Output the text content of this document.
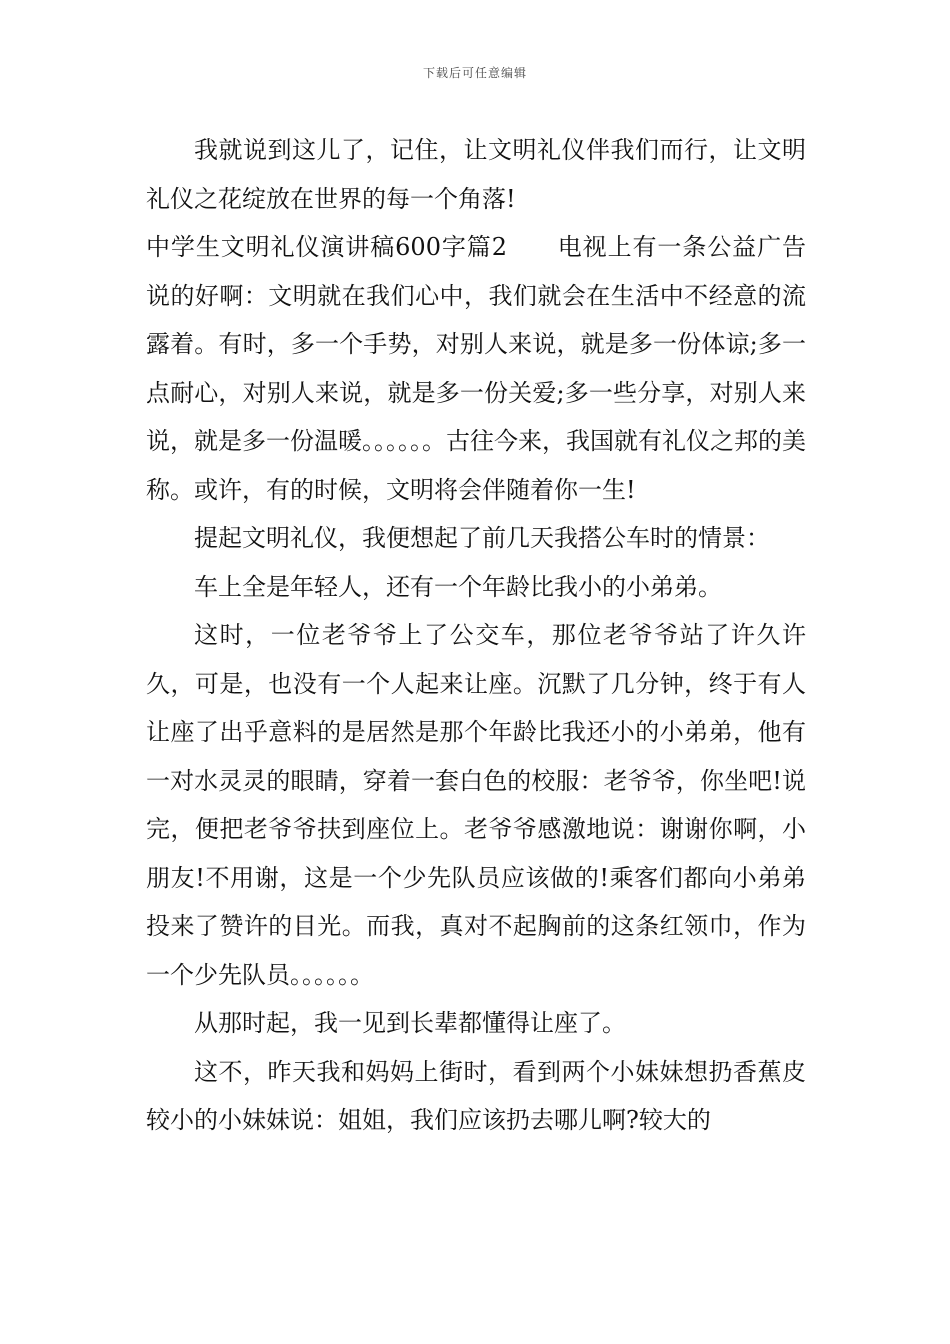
下载后可任意编辑

我就说到这儿了，记住，让文明礼仪伴我们而行，让文明礼仪之花绽放在世界的每一个角落!

中学生文明礼仪演讲稿600字篇2　　电视上有一条公益广告说的好啊：文明就在我们心中，我们就会在生活中不经意的流露着。有时，多一个手势，对别人来说，就是多一份体谅;多一点耐心，对别人来说，就是多一份关爱;多一些分享，对别人来说，就是多一份温暖。。。。。。古往今来，我国就有礼仪之邦的美称。或许，有的时候，文明将会伴随着你一生!

提起文明礼仪，我便想起了前几天我搭公车时的情景：

车上全是年轻人，还有一个年龄比我小的小弟弟。

这时，一位老爷爷上了公交车，那位老爷爷站了许久许久，可是，也没有一个人起来让座。沉默了几分钟，终于有人让座了出乎意料的是居然是那个年龄比我还小的小弟弟，他有一对水灵灵的眼睛，穿着一套白色的校服：老爷爷，你坐吧!说完，便把老爷爷扶到座位上。老爷爷感激地说：谢谢你啊，小朋友!不用谢，这是一个少先队员应该做的!乘客们都向小弟弟投来了赞许的目光。而我，真对不起胸前的这条红领巾，作为一个少先队员。。。。。。

从那时起，我一见到长辈都懂得让座了。

这不，昨天我和妈妈上街时，看到两个小妹妹想扔香蕉皮较小的小妹妹说：姐姐，我们应该扔去哪儿啊?较大的
